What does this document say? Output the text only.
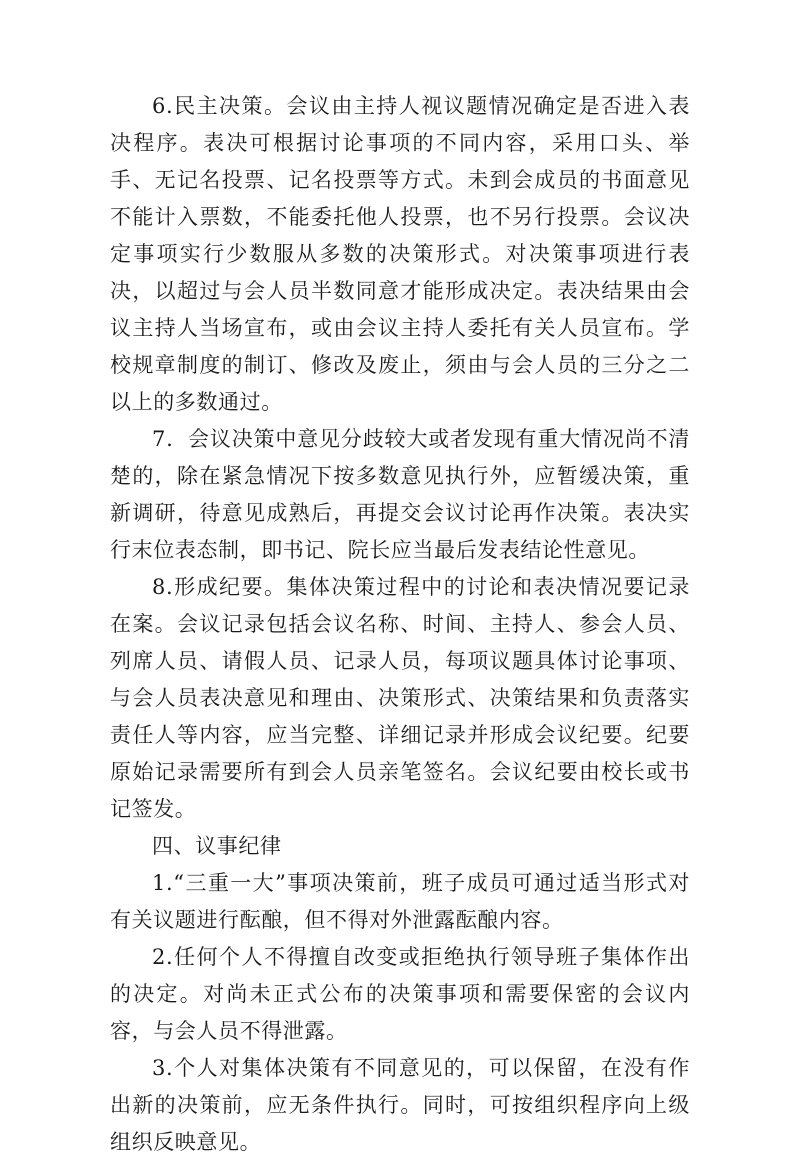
6.民主决策。会议由主持人视议题情况确定是否进入表决程序。表决可根据讨论事项的不同内容，采用口头、举手、无记名投票、记名投票等方式。未到会成员的书面意见不能计入票数，不能委托他人投票，也不另行投票。会议决定事项实行少数服从多数的决策形式。对决策事项进行表决，以超过与会人员半数同意才能形成决定。表决结果由会议主持人当场宣布，或由会议主持人委托有关人员宣布。学校规章制度的制订、修改及废止，须由与会人员的三分之二以上的多数通过。

7．会议决策中意见分歧较大或者发现有重大情况尚不清楚的，除在紧急情况下按多数意见执行外，应暂缓决策，重新调研，待意见成熟后，再提交会议讨论再作决策。表决实行末位表态制，即书记、院长应当最后发表结论性意见。

8.形成纪要。集体决策过程中的讨论和表决情况要记录在案。会议记录包括会议名称、时间、主持人、参会人员、列席人员、请假人员、记录人员，每项议题具体讨论事项、与会人员表决意见和理由、决策形式、决策结果和负责落实责任人等内容，应当完整、详细记录并形成会议纪要。纪要原始记录需要所有到会人员亲笔签名。会议纪要由校长或书记签发。

四、议事纪律

1.“三重一大”事项决策前，班子成员可通过适当形式对有关议题进行酝酿，但不得对外泄露酝酿内容。

2.任何个人不得擅自改变或拒绝执行领导班子集体作出的决定。对尚未正式公布的决策事项和需要保密的会议内容，与会人员不得泄露。

3.个人对集体决策有不同意见的，可以保留，在没有作出新的决策前，应无条件执行。同时，可按组织程序向上级组织反映意见。
